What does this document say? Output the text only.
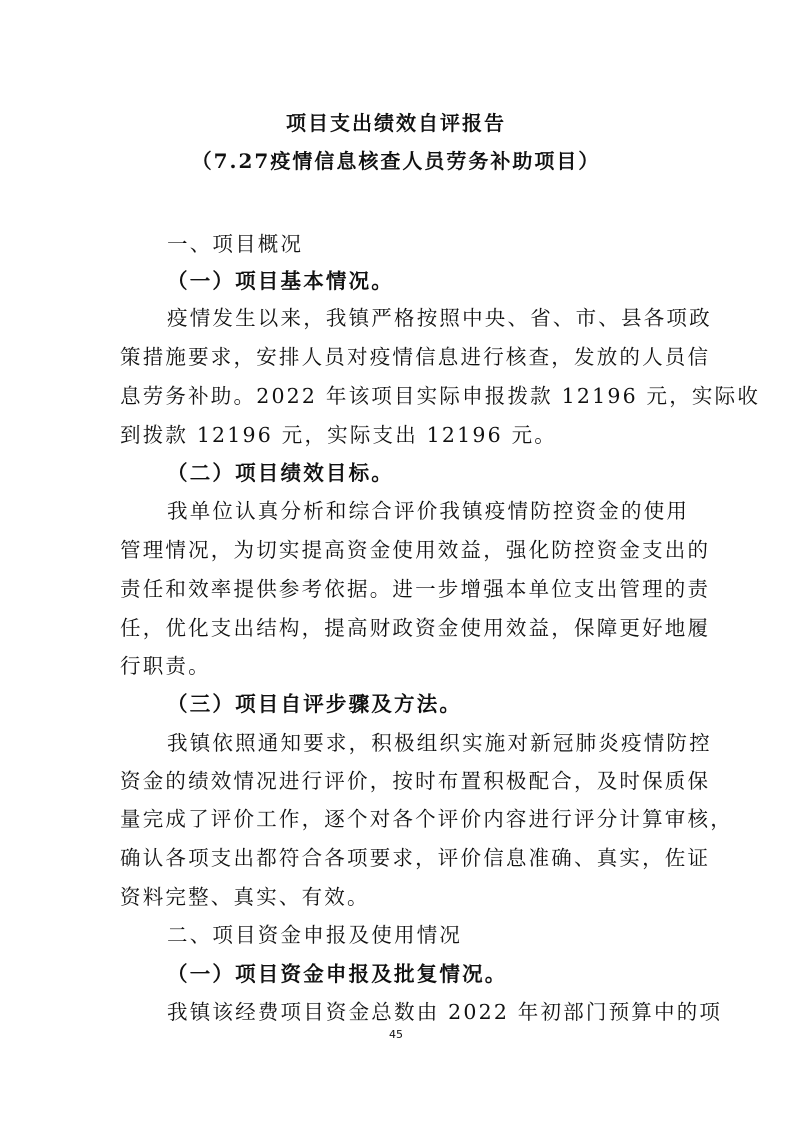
项目支出绩效自评报告
（7.27疫情信息核查人员劳务补助项目）
一、项目概况
（一）项目基本情况。
疫情发生以来，我镇严格按照中央、省、市、县各项政
策措施要求，安排人员对疫情信息进行核查，发放的人员信
息劳务补助。2022 年该项目实际申报拨款 12196 元，实际收
到拨款 12196 元，实际支出 12196 元。
（二）项目绩效目标。
我单位认真分析和综合评价我镇疫情防控资金的使用
管理情况，为切实提高资金使用效益，强化防控资金支出的
责任和效率提供参考依据。进一步增强本单位支出管理的责
任，优化支出结构，提高财政资金使用效益，保障更好地履
行职责。
（三）项目自评步骤及方法。
我镇依照通知要求，积极组织实施对新冠肺炎疫情防控
资金的绩效情况进行评价，按时布置积极配合，及时保质保
量完成了评价工作，逐个对各个评价内容进行评分计算审核，
确认各项支出都符合各项要求，评价信息准确、真实，佐证
资料完整、真实、有效。
二、项目资金申报及使用情况
（一）项目资金申报及批复情况。
我镇该经费项目资金总数由 2022 年初部门预算中的项
45
